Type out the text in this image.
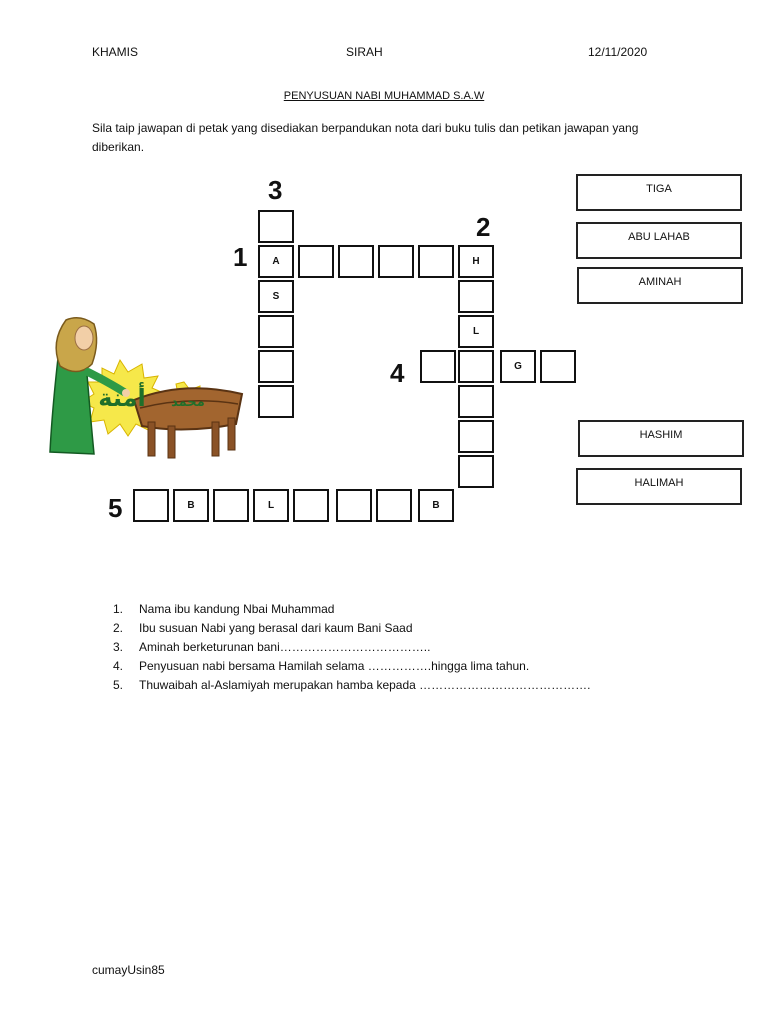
KHAMIS	SIRAH	12/11/2020
PENYUSUAN NABI MUHAMMAD S.A.W
Sila taip jawapan di petak yang disediakan berpandukan nota dari buku tulis dan petikan jawapan yang diberikan.
أمنة محمد
1
2
3
4
5
A
S
H
L
G
B	L	B
TIGA
ABU LAHAB
AMINAH
HASHIM
HALIMAH
1.	Nama ibu kandung Nbai Muhammad
2.	Ibu susuan Nabi yang berasal dari kaum Bani Saad
3.	Aminah berketurunan bani………………………………..
4.	Penyusuan nabi bersama Hamilah selama …………….hingga lima tahun.
5.	Thuwaibah al-Aslamiyah merupakan hamba kepada …………………………………….
cumayUsin85
